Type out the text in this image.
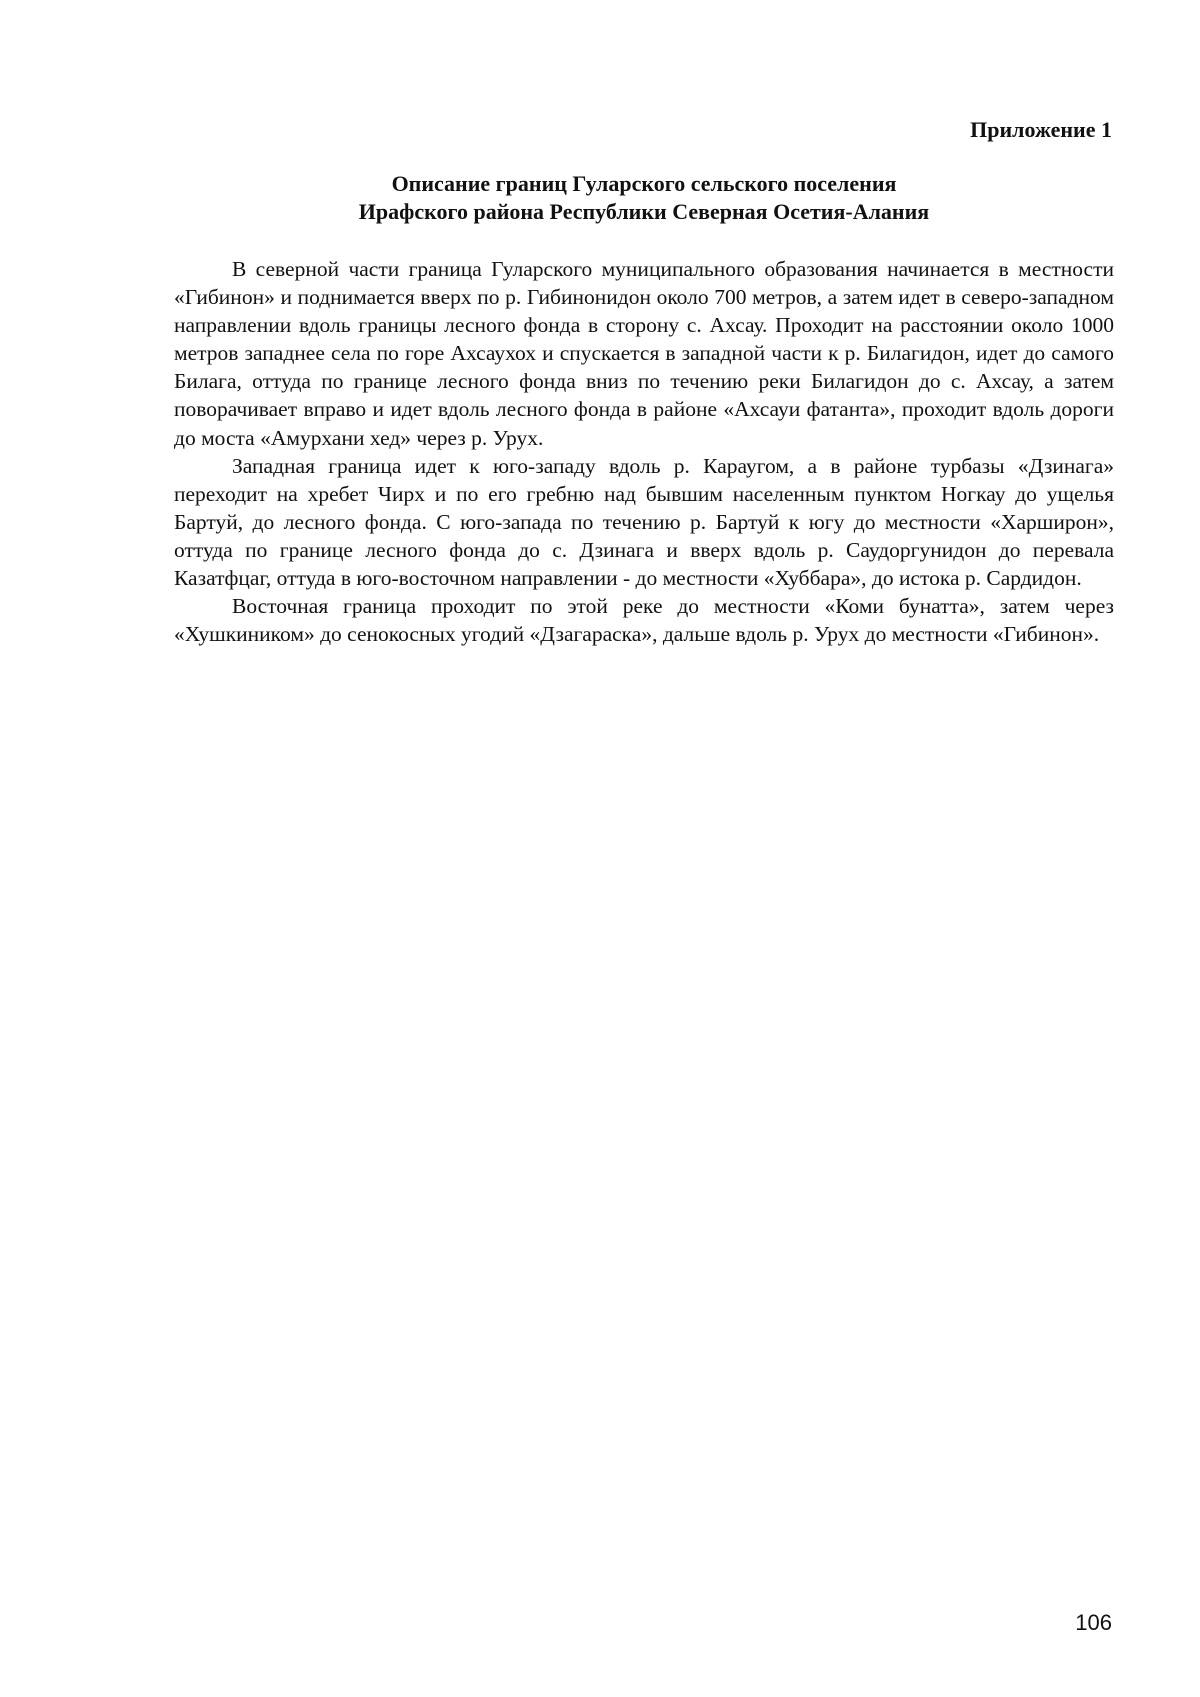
Приложение 1

Описание границ Гуларского сельского поселения
Ирафского района Республики Северная Осетия-Алания

В северной части граница Гуларского муниципального образования начинается в местности «Гибинон» и поднимается вверх по р. Гибинонидон около 700 метров, а затем идет в северо-западном направлении вдоль границы лесного фонда в сторону с. Ахсау. Проходит на расстоянии около 1000 метров западнее села по горе Ахсаухох и спускается в западной части к р. Билагидон, идет до самого Билага, оттуда по границе лесного фонда вниз по течению реки Билагидон до с. Ахсау, а затем поворачивает вправо и идет вдоль лесного фонда в районе «Ахсауи фатанта», проходит вдоль дороги до моста «Амурхани хед» через р. Урух.

Западная граница идет к юго-западу вдоль р. Караугом, а в районе турбазы «Дзинага» переходит на хребет Чирх и по его гребню над бывшим населенным пунктом Ногкау до ущелья Бартуй, до лесного фонда. С юго-запада по течению р. Бартуй к югу до местности «Харширон», оттуда по границе лесного фонда до с. Дзинага и вверх вдоль р. Саудоргунидон до перевала Казатфцаг, оттуда в юго-восточном направлении - до местности «Хуббара», до истока р. Сардидон.

Восточная граница проходит по этой реке до местности «Коми бунатта», затем через «Хушкиником» до сенокосных угодий «Дзагараска», дальше вдоль р. Урух до местности «Гибинон».

106
